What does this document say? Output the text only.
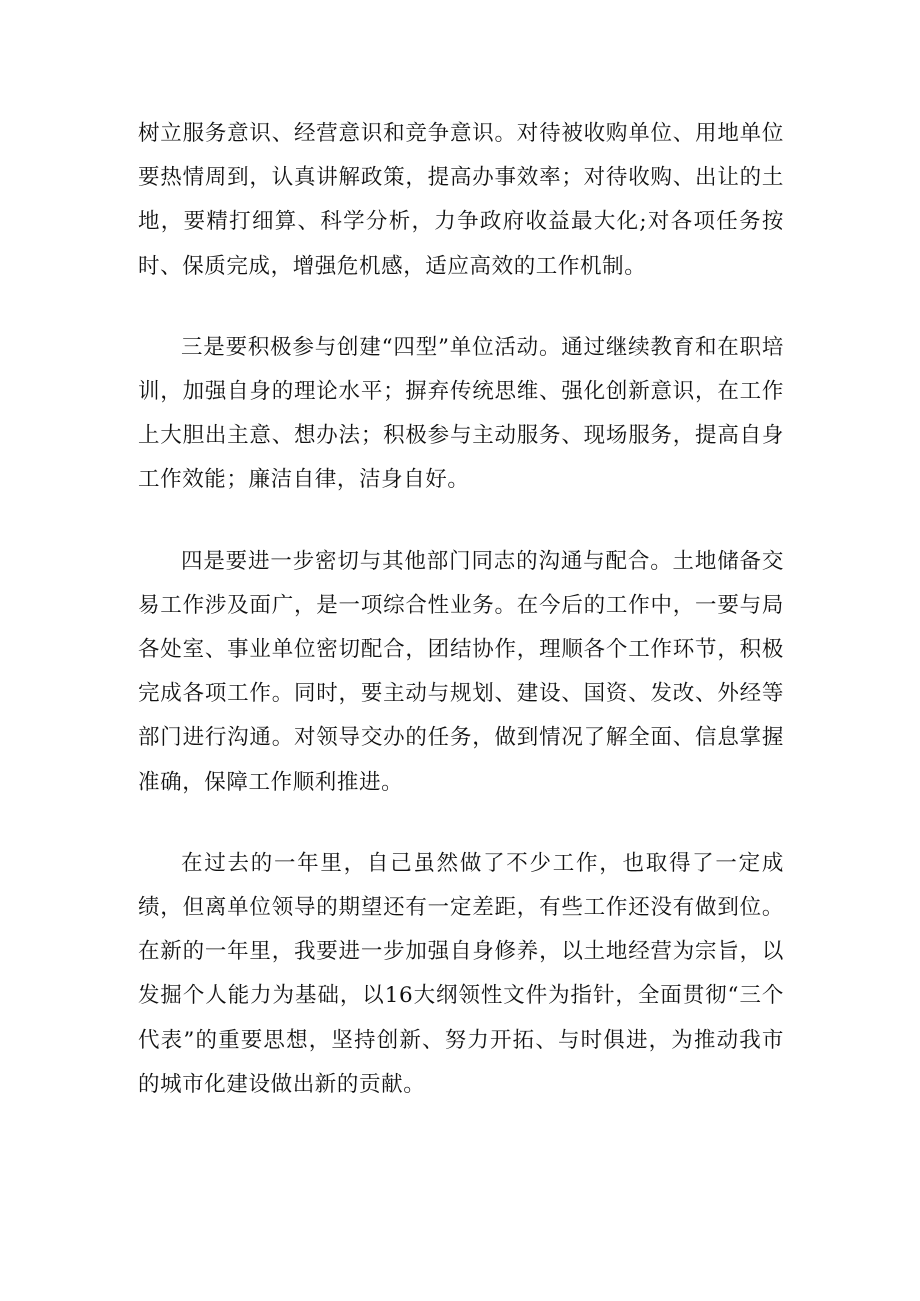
树立服务意识、经营意识和竞争意识。对待被收购单位、用地单位要热情周到，认真讲解政策，提高办事效率；对待收购、出让的土地，要精打细算、科学分析，力争政府收益最大化;对各项任务按时、保质完成，增强危机感，适应高效的工作机制。

三是要积极参与创建“四型”单位活动。通过继续教育和在职培训，加强自身的理论水平；摒弃传统思维、强化创新意识，在工作上大胆出主意、想办法；积极参与主动服务、现场服务，提高自身工作效能；廉洁自律，洁身自好。

四是要进一步密切与其他部门同志的沟通与配合。土地储备交易工作涉及面广，是一项综合性业务。在今后的工作中，一要与局各处室、事业单位密切配合，团结协作，理顺各个工作环节，积极完成各项工作。同时，要主动与规划、建设、国资、发改、外经等部门进行沟通。对领导交办的任务，做到情况了解全面、信息掌握准确，保障工作顺利推进。

在过去的一年里，自己虽然做了不少工作，也取得了一定成绩，但离单位领导的期望还有一定差距，有些工作还没有做到位。在新的一年里，我要进一步加强自身修养，以土地经营为宗旨，以发掘个人能力为基础，以16大纲领性文件为指针，全面贯彻“三个代表”的重要思想，坚持创新、努力开拓、与时俱进，为推动我市的城市化建设做出新的贡献。
